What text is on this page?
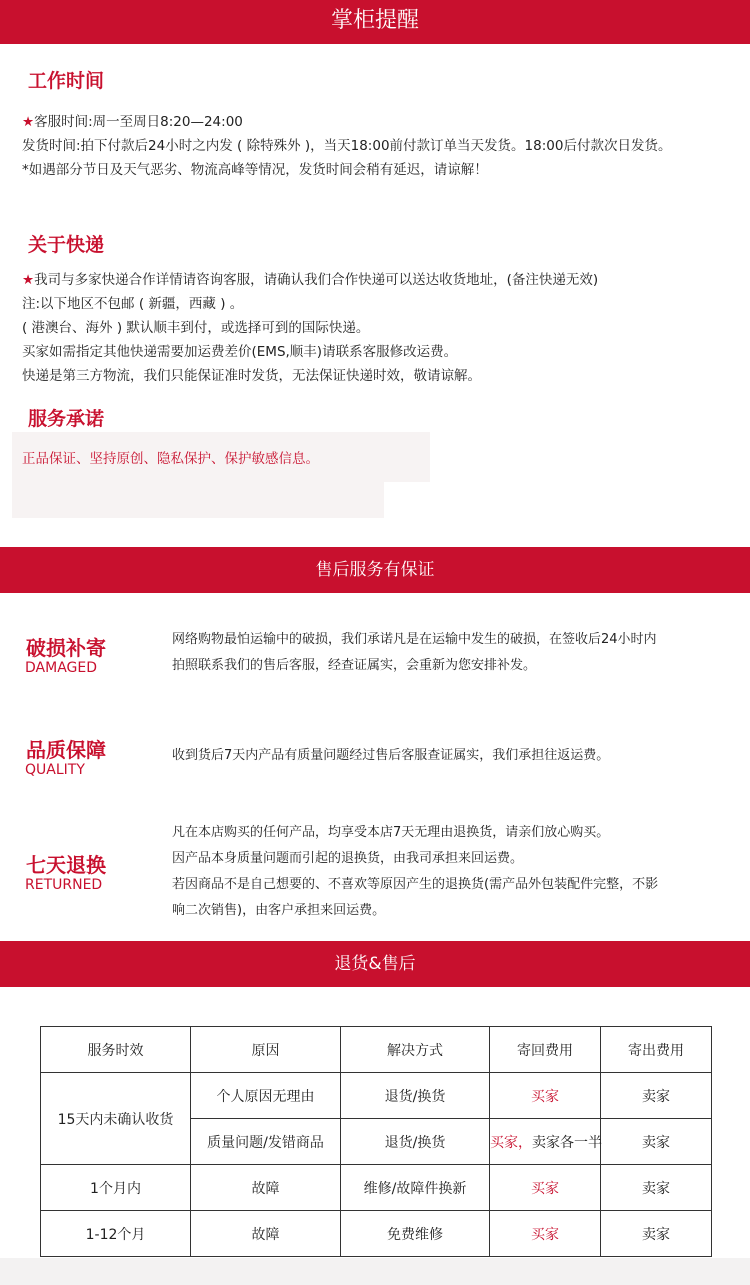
掌柜提醒
工作时间
★客服时间:周一至周日8:20—24:00
发货时间:拍下付款后24小时之内发 ( 除特殊外 )，当天18:00前付款订单当天发货。18:00后付款次日发货。
*如遇部分节日及天气恶劣、物流高峰等情况，发货时间会稍有延迟，请谅解！
关于快递
★我司与多家快递合作详情请咨询客服，请确认我们合作快递可以送达收货地址，(备注快递无效)
注:以下地区不包邮 ( 新疆，西藏 ) 。
( 港澳台、海外 ) 默认顺丰到付，或选择可到的国际快递。
买家如需指定其他快递需要加运费差价(EMS,顺丰)请联系客服修改运费。
快递是第三方物流，我们只能保证准时发货，无法保证快递时效，敬请谅解。
服务承诺
正品保证、坚持原创、隐私保护、保护敏感信息。
售后服务有保证
破损补寄
DAMAGED
网络购物最怕运输中的破损，我们承诺凡是在运输中发生的破损，在签收后24小时内
拍照联系我们的售后客服，经查证属实，会重新为您安排补发。
品质保障
QUALITY
收到货后7天内产品有质量问题经过售后客服查证属实，我们承担往返运费。
七天退换
RETURNED
凡在本店购买的任何产品，均享受本店7天无理由退换货，请亲们放心购买。
因产品本身质量问题而引起的退换货，由我司承担来回运费。
若因商品不是自己想要的、不喜欢等原因产生的退换货(需产品外包装配件完整，不影
响二次销售)，由客户承担来回运费。
退货&售后
服务时效	原因	解决方式	寄回费用	寄出费用
15天内未确认收货	个人原因无理由	退货/换货	买家	卖家
	质量问题/发错商品	退货/换货	买家，卖家各一半	卖家
1个月内	故障	维修/故障件换新	买家	卖家
1-12个月	故障	免费维修	买家	卖家
